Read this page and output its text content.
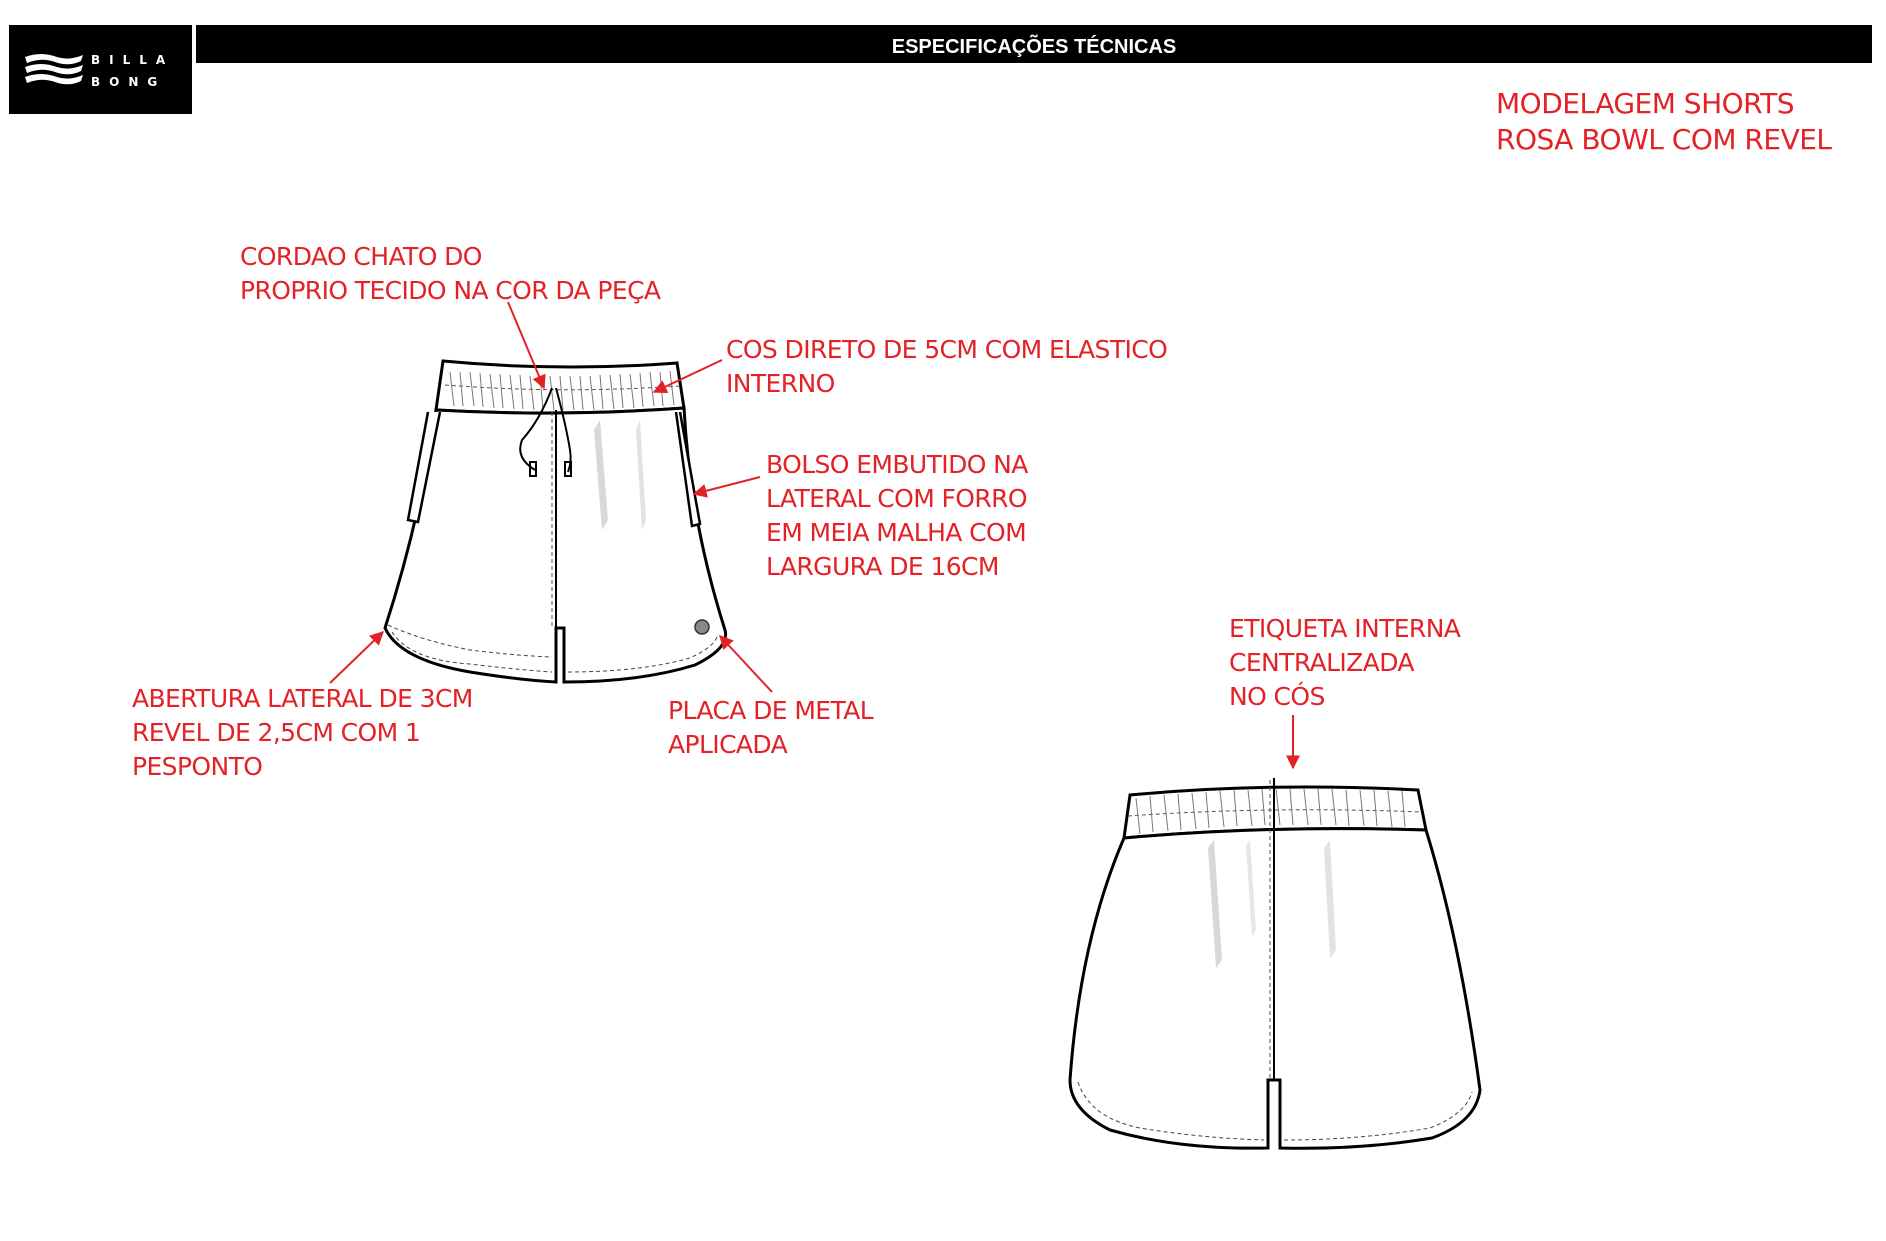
BILLA
BONG
ESPECIFICAÇÕES TÉCNICAS
MODELAGEM SHORTS
ROSA BOWL COM REVEL
CORDAO CHATO DO
PROPRIO TECIDO NA COR DA PEÇA
COS DIRETO DE 5CM COM ELASTICO
INTERNO
BOLSO EMBUTIDO NA
LATERAL COM FORRO
EM MEIA MALHA COM
LARGURA DE 16CM
ABERTURA LATERAL DE 3CM
REVEL DE 2,5CM COM 1
PESPONTO
PLACA DE METAL
APLICADA
ETIQUETA INTERNA
CENTRALIZADA
NO CÓS
